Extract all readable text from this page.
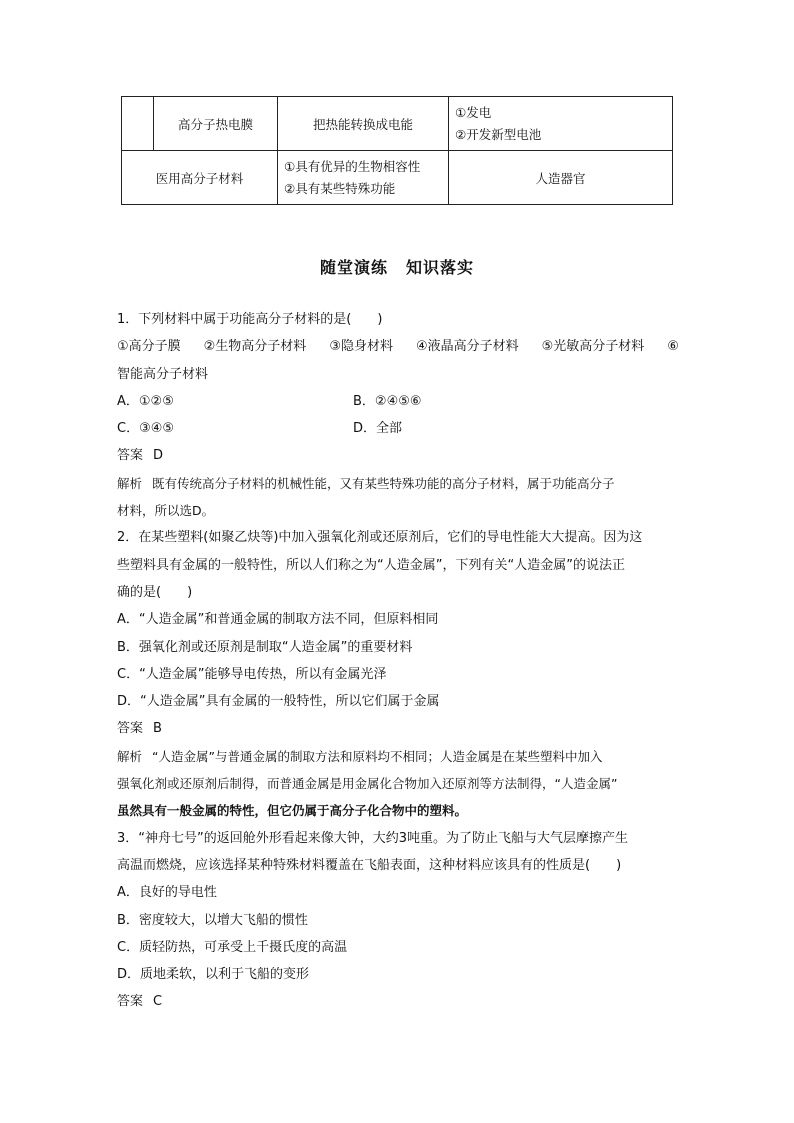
	高分子热电膜	把热能转换成电能	①发电
②开发新型电池

医用高分子材料		①具有优异的生物相容性
②具有某些特殊功能	人造器官
随堂演练 知识落实
1．下列材料中属于功能高分子材料的是(　　)
①高分子膜 ②生物高分子材料 ③隐身材料 ④液晶高分子材料 ⑤光敏高分子材料 ⑥
智能高分子材料
A．①②⑤	B．②④⑤⑥
C．③④⑤	D．全部
答案 D
解析 既有传统高分子材料的机械性能，又有某些特殊功能的高分子材料，属于功能高分子
材料，所以选D。
2．在某些塑料(如聚乙炔等)中加入强氧化剂或还原剂后，它们的导电性能大大提高。因为这
些塑料具有金属的一般特性，所以人们称之为“人造金属”，下列有关“人造金属”的说法正
确的是(　　)
A．“人造金属”和普通金属的制取方法不同，但原料相同
B．强氧化剂或还原剂是制取“人造金属”的重要材料
C．“人造金属”能够导电传热，所以有金属光泽
D．“人造金属”具有金属的一般特性，所以它们属于金属
答案 B
解析 “人造金属”与普通金属的制取方法和原料均不相同；人造金属是在某些塑料中加入
强氧化剂或还原剂后制得，而普通金属是用金属化合物加入还原剂等方法制得，“人造金属”
虽然具有一般金属的特性，但它仍属于高分子化合物中的塑料。
3．“神舟七号”的返回舱外形看起来像大钟，大约3吨重。为了防止飞船与大气层摩擦产生
高温而燃烧，应该选择某种特殊材料覆盖在飞船表面，这种材料应该具有的性质是(　　)
A．良好的导电性
B．密度较大，以增大飞船的惯性
C．质轻防热，可承受上千摄氏度的高温
D．质地柔软，以利于飞船的变形
答案 C
